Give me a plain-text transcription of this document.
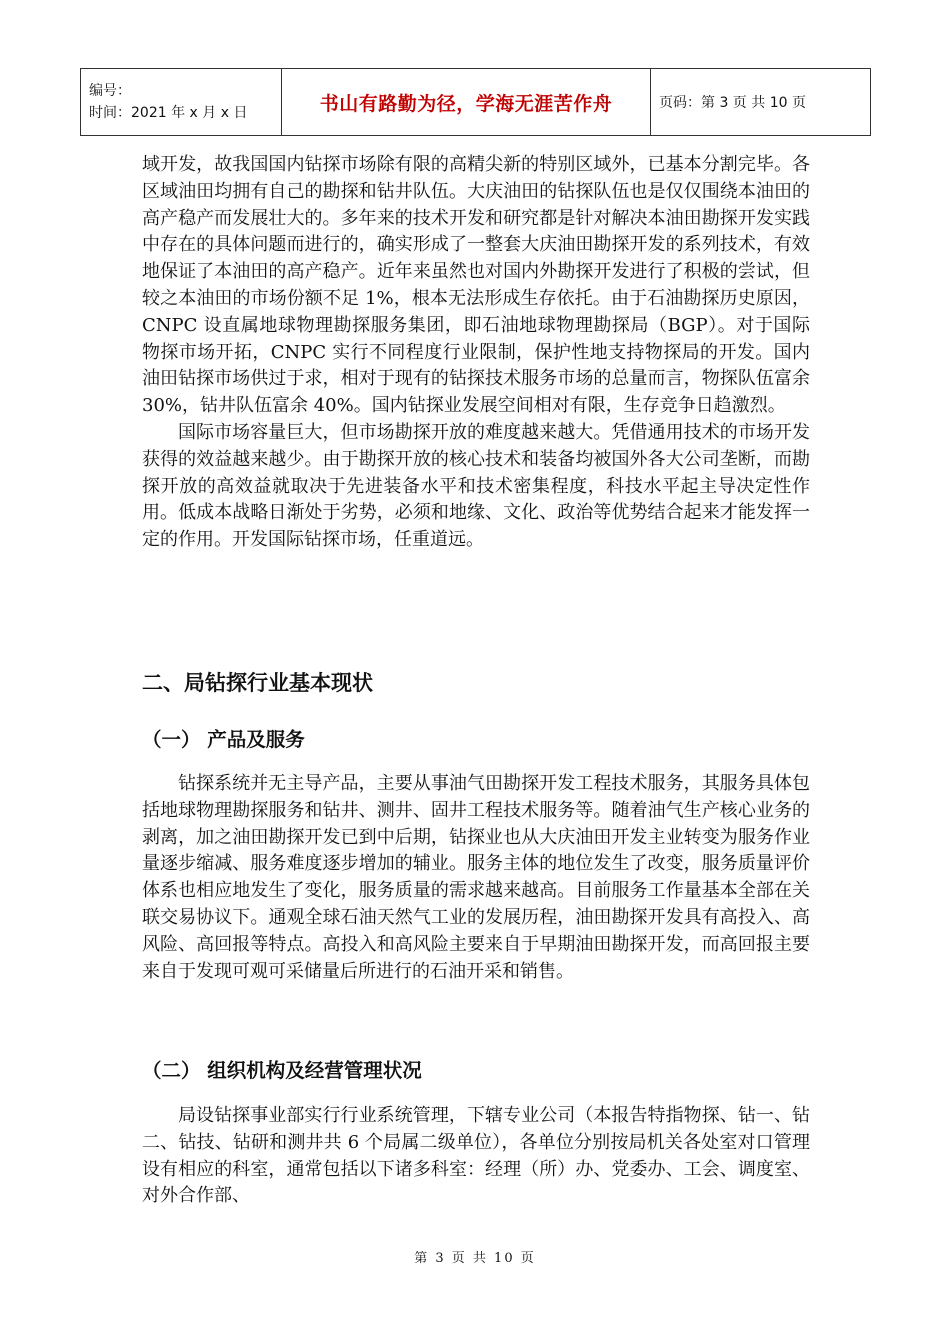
编号：
时间：2021 年 x 月 x 日	书山有路勤为径，学海无涯苦作舟	页码：第 3 页 共 10 页

域开发，故我国国内钻探市场除有限的高精尖新的特别区域外，已基本分割完毕。各区域油田均拥有自己的勘探和钻井队伍。大庆油田的钻探队伍也是仅仅围绕本油田的高产稳产而发展壮大的。多年来的技术开发和研究都是针对解决本油田勘探开发实践中存在的具体问题而进行的，确实形成了一整套大庆油田勘探开发的系列技术，有效地保证了本油田的高产稳产。近年来虽然也对国内外勘探开发进行了积极的尝试，但较之本油田的市场份额不足 1%，根本无法形成生存依托。由于石油勘探历史原因，CNPC 设直属地球物理勘探服务集团，即石油地球物理勘探局（BGP）。对于国际物探市场开拓，CNPC 实行不同程度行业限制，保护性地支持物探局的开发。国内油田钻探市场供过于求，相对于现有的钻探技术服务市场的总量而言，物探队伍富余 30%，钻井队伍富余 40%。国内钻探业发展空间相对有限，生存竞争日趋激烈。

国际市场容量巨大，但市场勘探开放的难度越来越大。凭借通用技术的市场开发获得的效益越来越少。由于勘探开放的核心技术和装备均被国外各大公司垄断，而勘探开放的高效益就取决于先进装备水平和技术密集程度，科技水平起主导决定性作用。低成本战略日渐处于劣势，必须和地缘、文化、政治等优势结合起来才能发挥一定的作用。开发国际钻探市场，任重道远。

二、局钻探行业基本现状
（一） 产品及服务

钻探系统并无主导产品，主要从事油气田勘探开发工程技术服务，其服务具体包括地球物理勘探服务和钻井、测井、固井工程技术服务等。随着油气生产核心业务的剥离，加之油田勘探开发已到中后期，钻探业也从大庆油田开发主业转变为服务作业量逐步缩减、服务难度逐步增加的辅业。服务主体的地位发生了改变，服务质量评价体系也相应地发生了变化，服务质量的需求越来越高。目前服务工作量基本全部在关联交易协议下。通观全球石油天然气工业的发展历程，油田勘探开发具有高投入、高风险、高回报等特点。高投入和高风险主要来自于早期油田勘探开发，而高回报主要来自于发现可观可采储量后所进行的石油开采和销售。

（二） 组织机构及经营管理状况

局设钻探事业部实行行业系统管理，下辖专业公司（本报告特指物探、钻一、钻二、钻技、钻研和测井共 6 个局属二级单位），各单位分别按局机关各处室对口管理设有相应的科室，通常包括以下诸多科室：经理（所）办、党委办、工会、调度室、对外合作部、

第 3 页 共 10 页
